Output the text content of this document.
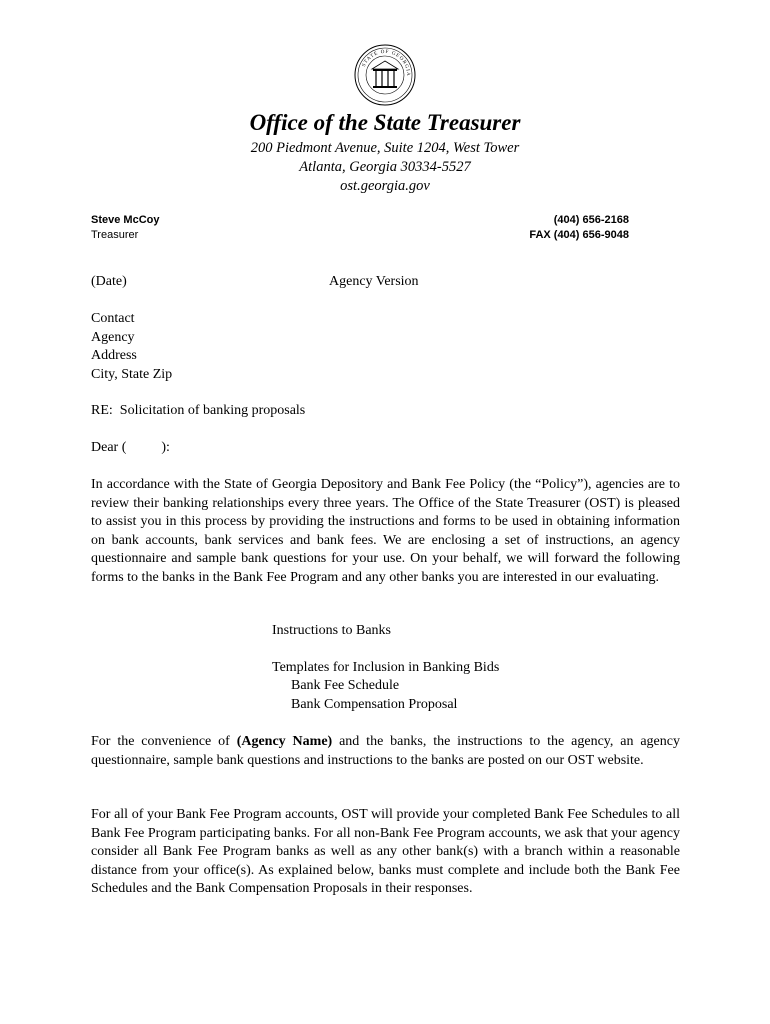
STATE OF GEORGIA
Office of the State Treasurer
200 Piedmont Avenue, Suite 1204, West Tower
Atlanta, Georgia 30334-5527
ost.georgia.gov
Steve McCoy
Treasurer
(404) 656-2168
FAX (404) 656-9048
(Date)	Agency Version
Contact
Agency
Address
City, State Zip
RE:  Solicitation of banking proposals
Dear (          ):
In accordance with the State of Georgia Depository and Bank Fee Policy (the “Policy”), agencies are to review their banking relationships every three years. The Office of the State Treasurer (OST) is pleased to assist you in this process by providing the instructions and forms to be used in obtaining information on bank accounts, bank services and bank fees. We are enclosing a set of instructions, an agency questionnaire and sample bank questions for your use. On your behalf, we will forward the following forms to the banks in the Bank Fee Program and any other banks you are interested in our evaluating.
Instructions to Banks
Templates for Inclusion in Banking Bids
Bank Fee Schedule
Bank Compensation Proposal
For the convenience of (Agency Name) and the banks, the instructions to the agency, an agency questionnaire, sample bank questions and instructions to the banks are posted on our OST website.
For all of your Bank Fee Program accounts, OST will provide your completed Bank Fee Schedules to all Bank Fee Program participating banks. For all non-Bank Fee Program accounts, we ask that your agency consider all Bank Fee Program banks as well as any other bank(s) with a branch within a reasonable distance from your office(s). As explained below, banks must complete and include both the Bank Fee Schedules and the Bank Compensation Proposals in their responses.
